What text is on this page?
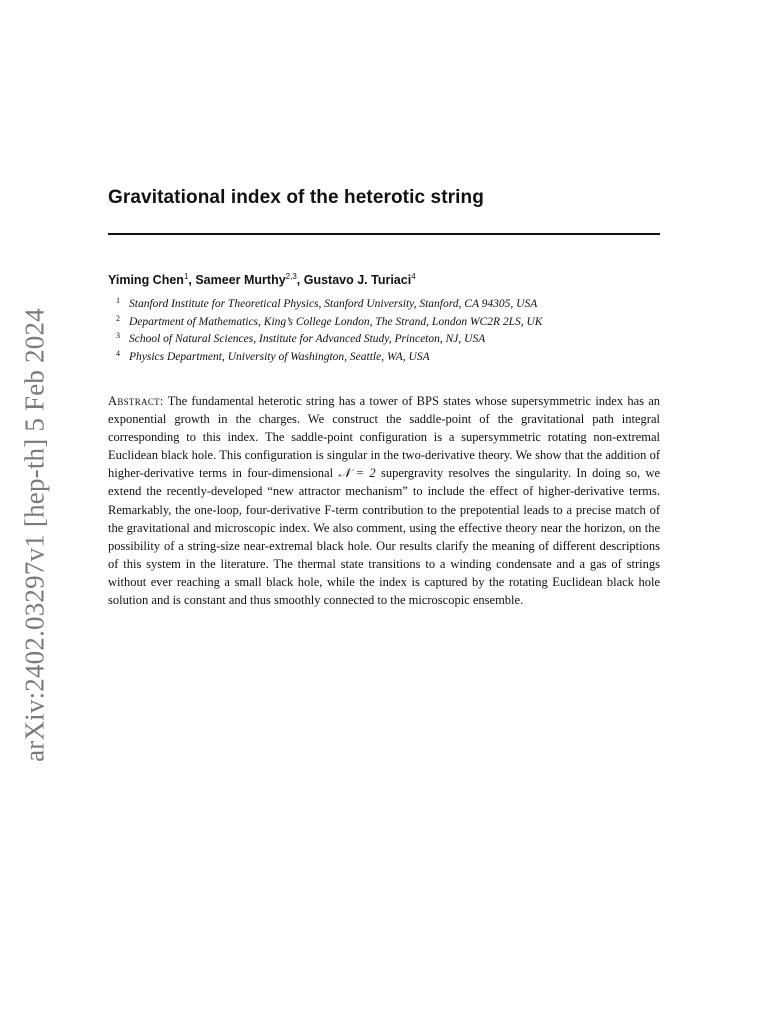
arXiv:2402.03297v1 [hep-th] 5 Feb 2024
Gravitational index of the heterotic string
Yiming Chen$^1$, Sameer Murthy$^{2,3}$, Gustavo J. Turiaci$^4$
1 Stanford Institute for Theoretical Physics, Stanford University, Stanford, CA 94305, USA
2 Department of Mathematics, King’s College London, The Strand, London WC2R 2LS, UK
3 School of Natural Sciences, Institute for Advanced Study, Princeton, NJ, USA
4 Physics Department, University of Washington, Seattle, WA, USA

Abstract: The fundamental heterotic string has a tower of BPS states whose supersymmetric index has an exponential growth in the charges. We construct the saddle-point of the gravitational path integral corresponding to this index. The saddle-point configuration is a supersymmetric rotating non-extremal Euclidean black hole. This configuration is singular in the two-derivative theory. We show that the addition of higher-derivative terms in four-dimensional 𝒩 = 2 supergravity resolves the singularity. In doing so, we extend the recently-developed “new attractor mechanism” to include the effect of higher-derivative terms. Remarkably, the one-loop, four-derivative F-term contribution to the prepotential leads to a precise match of the gravitational and microscopic index. We also comment, using the effective theory near the horizon, on the possibility of a string-size near-extremal black hole. Our results clarify the meaning of different descriptions of this system in the literature. The thermal state transitions to a winding condensate and a gas of strings without ever reaching a small black hole, while the index is captured by the rotating Euclidean black hole solution and is constant and thus smoothly connected to the microscopic ensemble.
